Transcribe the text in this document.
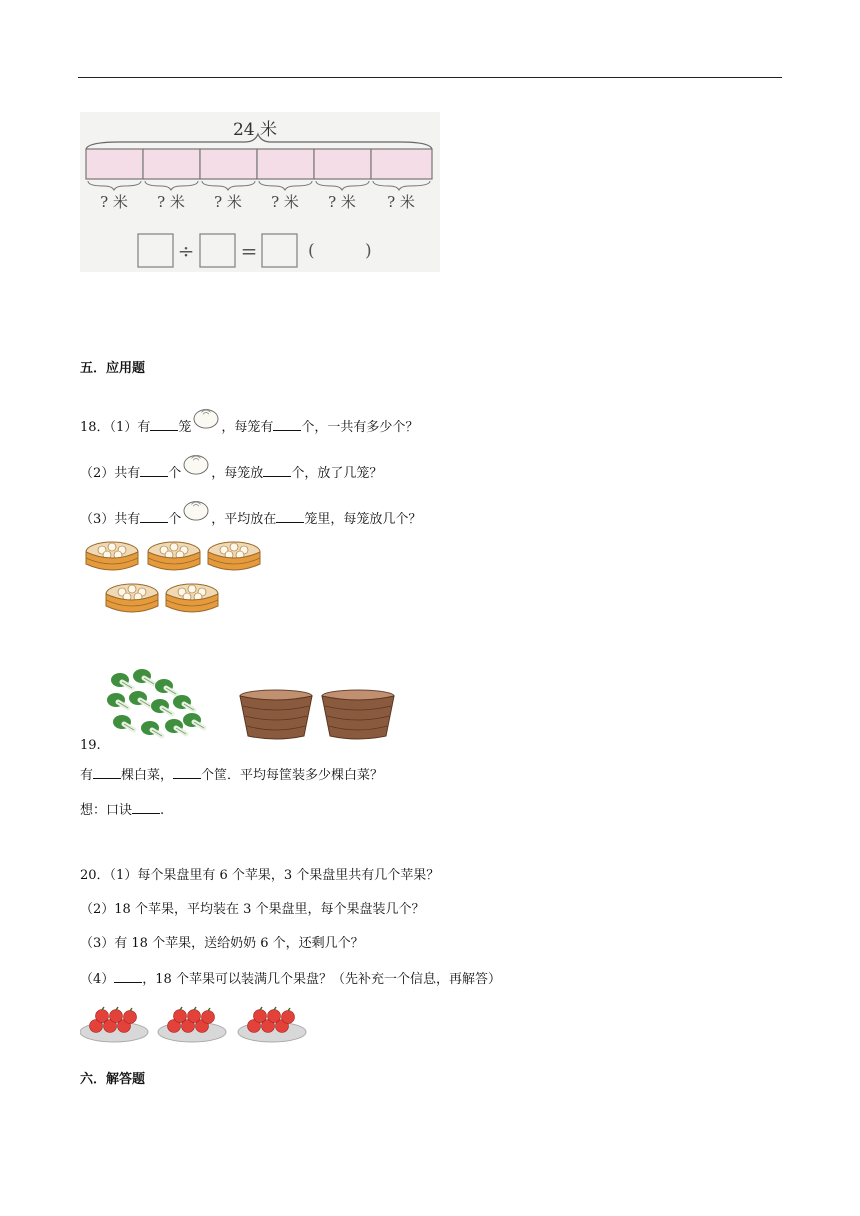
24 米
? 米 ? 米 ? 米 ? 米 ? 米 ? 米
÷ =	(	)
五．应用题
18．（1）有 笼 ，每笼有 个，一共有多少个？
（2）共有 个 ，每笼放 个，放了几笼？
（3）共有 个 ，平均放在 笼里，每笼放几个？
19.
有 棵白菜， 个筐．平均每筐装多少棵白菜？
想：口诀 .
20．（1）每个果盘里有 6 个苹果，3 个果盘里共有几个苹果？
（2）18 个苹果，平均装在 3 个果盘里，每个果盘装几个？
（3）有 18 个苹果，送给奶奶 6 个，还剩几个？
（4） ，18 个苹果可以装满几个果盘？（先补充一个信息，再解答）
六．解答题
